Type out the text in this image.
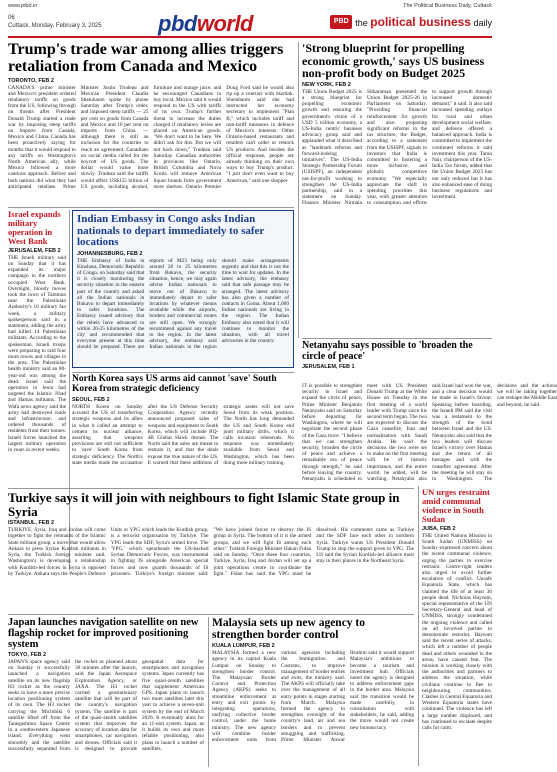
www.pibd.in	The Political Business Daily, Cuttack
06
Cuttack, Monday, February 3, 2025	pbdworld	PBD the political business daily
Trump's trade war among allies triggers retaliation from Canada and Mexico
TORONTO, FEB 2
CANADA'S prime minister and Mexico's president ordered retaliatory tariffs on goods from the US, following through on threats after President Donald Trump started a trade war by imposing steep tariffs on imports from Canada, Mexico and China. Canada has been proactively saying for months that it would respond to any tariffs on Washington's North American ally, while Mexico followed a more cautious approach. Before and both nations did what they had anticipated retaliate. Prime Minister Justin Trudeau and Mexican President Claudia Sheinbaum spoke by phone Saturday after Trump's order, and imposed steep tariffs — 25 per cent on goods from Canada and Mexico and 10 per cent on imports from China — although there is still an inclusion for the countries to reach an agreement. Canadians on social media called for the boycott of US goods. The dollar would value more slowly. Trudeau said the tariffs would affect US$155 billion of US goods, including alcohol, furniture and orange juice, and he encouraged Canadians to buy local. Mexico said it would respond to the US with tariffs of its own. Trump's further threat to increase the duties charged if retaliatory levies are placed on American goods. "We don't want to be here. We didn't ask for this. But we will not back down," Trudeau said Saturday. Canadian authorities in provinces like Ontario, British Columbia and Nova Scotia will remove American liquor brands from government store shelves. Ontario Premier Doug Ford said he would also rip up a contract with Starlink. Sheinbaum said she had instructed her economy secretary to implement "Plan B," which includes tariff and non-tariff measures in defence of Mexico's interests. Other Ontario-based restaurants and retailers can't order or restock US products. And besides the official response, people are already thinking on their own ways to buy Trump's product. "I just don't even want to buy American," said one shopper.
'Strong blueprint for propelling economic growth,' says US business non-profit body on Budget 2025
NEW YORK, FEB 2
THE Union Budget 2025 is a strong blueprint for propelling economic growth and ensuring the government's vision of a USD 5 trillion economy, a US-India centric business advocacy group said and applauded what it described as "landmark reforms and forward-looking initiatives". The US-India Strategic Partnership Forum (USISPF), an independent not-for-profit working to strengthen the US-India partnership, said in a statement on Sunday. Finance Minister Nirmala Sitharaman presented the Union Budget 2025-26 in Parliament on Saturday. "Providing financial reinforcement for growth and also proposing significant reforms in the tax structure, the Budget, according to a statement from the USISPF, signals to investors that India is committed to fostering a more inclusive, and globally competitive economy. "We especially appreciate the shift in spending priorities this year, with greater attention to consumption and efforts to support growth through increased domestic demand," it said. It also said increased spending outlays for rural and urban development social welfare, and defence offered a balanced approach. India is committed to implement the continued reforms it said investment this year. Tarun Nair, chairperson of the US-India Tax forum, added that the Union Budget 2025 has not only reduced but it has also enhanced ease of doing business regulations and investment.
Israel expands military operation in West Bank
JERUSALEM, FEB 2
THE Israeli military said on Sunday that it has expanded its major campaign in the northern occupied West Bank. Overnight, bloody moves took the town of Tammun near the Palestinian Authority's 10 military fan week, a military spokesperson said in a statement, adding the army had killed 14 Palestinian militants. According to the spokesman, Israeli troops were preparing to raid four more towns and villages in the area. The Palestinian health ministry said an 80-year-old was among the dead. Israel said the operation in Jenin had targeted the Islamic Jihad and Hamas militants. The Wafa news agency said the army had destroyed roads and infrastructure, and ordered thousands of residents from their homes. Israeli forces launched the largest military operation in years in recent weeks.
Indian Embassy in Congo asks Indian nationals to depart immediately to safer locations
JOHANNESBURG, FEB 2
THE Embassy of India in Kinshasa, Democratic Republic of Congo, on Saturday said that it is closely monitoring the security situation in the eastern part of the country and asked all the Indian nationals in Bukavu to depart immediately to safer locations. The Embassy issued advisory that the rebels have advanced to within 20-25 kilometres of the city and recommended that everyone present at this time should be prepared. There are reports of M23 being only around 20 to 25 kilometres from Bukavu, the security situation, hence, we may again advise Indian nationals to move out of Bukavu to immediately depart to safer locations by whatever means available while the airports, borders and commercial routes are still open. We strongly recommend against any travel to the region. In the latest advisory, the embassy said Indian nationals in the region should make arrangements urgently and that this is not the time to wait for updates. In the latest advisory, the embassy said that safe passage may be arranged. The latest advisory has also given a number of contacts in Goma. About 1,000 Indian nationals are living in the region. The Indian Embassy also noted that it will continue to monitor the situation, with all travel advisories in the country.
North Korea says US arms aid cannot 'save' South Korea from strategic deficiency
SEOUL, FEB 2
NORTH Korea on Sunday accused the US of transferring strategic weapons and its allies in what it called an attempt to cement its nuclear alliance, asserting that weapons provisions are still not sufficient to 'save' South Korea from strategic deficiency. The North's state media made the accusation after the US Defense Security Cooperation Agency recently announced proposed sales of weapons and equipment to South Korea, which will include RQ-4B Global Hawk drones. The North said the sales are meant to restrain it, and that the deals expose the true nature of the US. It warned that these additions of strategic assets will not save Seoul from its weak position. The North has long demanded the US and South Korea end joint military drills, which it calls invasion rehearsals. No response was immediately available from Seoul and Washington, which has been doing more military training.
Netanyahu says possible to 'broaden the circle of peace'
JERUSALEM, FEB 1
IT is possible to strengthen security in Israel and expand the circle of peace, Prime Minister Benjamin Netanyahu said on Saturday before departing for Washington, where he will negotiate the second phase of the Gaza truce. "I believe that we can strengthen security, broaden the circle of peace and achieve a remarkable era of peace through strength," he said before leaving the country. Netanyahu is scheduled to meet with US President Donald Trump at the White House on Tuesday in the first meeting of a world leader with Trump since his second term began. The two are expected to discuss the Gaza ceasefire, Iran and normalisation with Saudi Arabia. He said the decisions the two were set to make on the first meeting will be of historic importance, and the entire world, he added, will be watching. Netanyahu also said Israel had won the war, and a clear decision would be made in Israel's favour. Speaking before boarding, the Israeli PM said the visit was a testament to the strength of the bond between Israel and the US. Netanyahu also said that the two leaders will discuss Israel's victory over Hamas and the return of all hostages and with the ceasefire agreement. After the meeting he will stay on in Washington. The decisions and the actions we will be taking together can reshape the Middle East and beyond, he said.
Turkiye says it will join with neighbours to fight Islamic State group in Syria
ISTANBUL, FEB 2
TURKIYE, Syria, Iraq and Jordan will come together to fight the remnants of the Islamic State militant group, a move that would allow Ankara to press Syrian Kurdish militants in Syria, the Turkish foreign minister said. Washington's is developing a relationship with Kurdish-led forces in Syria is opposed by Turkiye. Ankara says the People's Defence Units or YPG which leads the Kurdish group, is a terrorist organisation by Turkiye. The YPG leads the SDF, Syria's armed force. The 'YPG,' which spearheads the US-backed Syrian Democratic Forces, was instrumental in fighting IS alongside American special forces and now guards thousands of IS prisoners. Turkiye's foreign minister said: "We have joined forces to destroy the IS group in Syria. The bottom of it is the armed groups, and we will fight IS among each other." Turkish Foreign Minister Hakan Fidan said on Sunday. "Once these four countries, Turkiye, Syria, Iraq and Jordan will set up a joint operations centre to coordinate the fight." Fidan has said the YPG must be dissolved. His comments came as Turkiye and the SDF face each other in northern Syria. Turkiye wants US President Donald Trump to stop the support given to YPG. The US said the Syrian Kurdish-led alliance must stay in their places in the Northeast Syria.
UN urges restraint amid communal violence in South Sudan
JUBA, FEB 2
THE United Nations Mission in South Sudan (UNMISS) on Sunday expressed concern about the recent communal violence, urging the parties to exercise restraint. Centre-right leaders also urged to avoid further escalation of conflict. Unsafe Equatoria State, which has claimed the life of at least 30 people dead. Nicholas Haysom, special representative of the UN Secretary-General and head of UNMISS, strongly condemned the ongoing violence and called on all involved parties to demonstrate restraint. Haysom said the recent series of attacks, which left a number of people dead and others wounded in the areas, have caused fear. The mission is working closely with the authorities and partners to address the situation, while civilians continue to flee to neighbouring communities. Clashes in Central Equatoria and Western Equatoria states have continued. The violence has left a large number displaced, and has continued to escalate despite calls for calm.
Japan launches navigation satellite on new flagship rocket for improved positioning system
TOKYO, FEB 2
JAPAN'S space agency said on Sunday it successfully launched a navigation satellite on its new flagship H3 rocket as the country seeks to have a more precise location positioning system of its own. The H3 rocket carrying the Michibiki 6 satellite lifted off from the Tanegashima Space Centre in a southwestern Japanese island. Everything went smoothly and the satellite successfully separated from the rocket as planned about 30 minutes after the launch, said the Japan Aerospace Exploration Agency, or JAXA. The H3 rocket carried a geostationary satellite that will be part of the country's navigation system. The satellite is part of the quasi-zenith satellites system that improves the accuracy of location data for smartphones, car navigation and drones. Officials said it is designed to provide geospatial data for smartphones and navigation systems. Japan currently has five quasi-zenith satellites that supplement American GPS. Japan plans to launch two more satellites later this year to achieve a seven-unit system by the end of March 2026. It eventually aims for an 11-unit system. Japan, as it builds its own and more reliable positioning, also plans to launch a number of satellites.
Malaysia sets up new agency to strengthen border control
KUALA LUMPUR, FEB 2
MALAYSIA formed a new agency in its capital Kuala Lumpur on Sunday to strengthen border control. The Malaysian Border Control and Protection Agency (AKPS) seeks to streamline enforcement at entry and exit points by integrating operations, unifying collective border control, under the home ministry. The new agency will combine border enforcement units from various agencies including the Immigration and Customs, to improve management of border entries and exits, the ministry said. The AKPS will officially take over the management of all entry points in stages starting from March. Malaysia formed the agency to strengthen oversight of the country's land, air and sea borders and to prevent smuggling and trafficking. Prime Minister Anwar Ibrahim said it would support Malaysia's ambitions to become a tourism and investment hub. Officials noted the agency is designed to address enforcement gaps in the border area. Malaysia said the transition would be made carefully, in consultation with stakeholders, he said, adding the move would not create new bureaucracy.
